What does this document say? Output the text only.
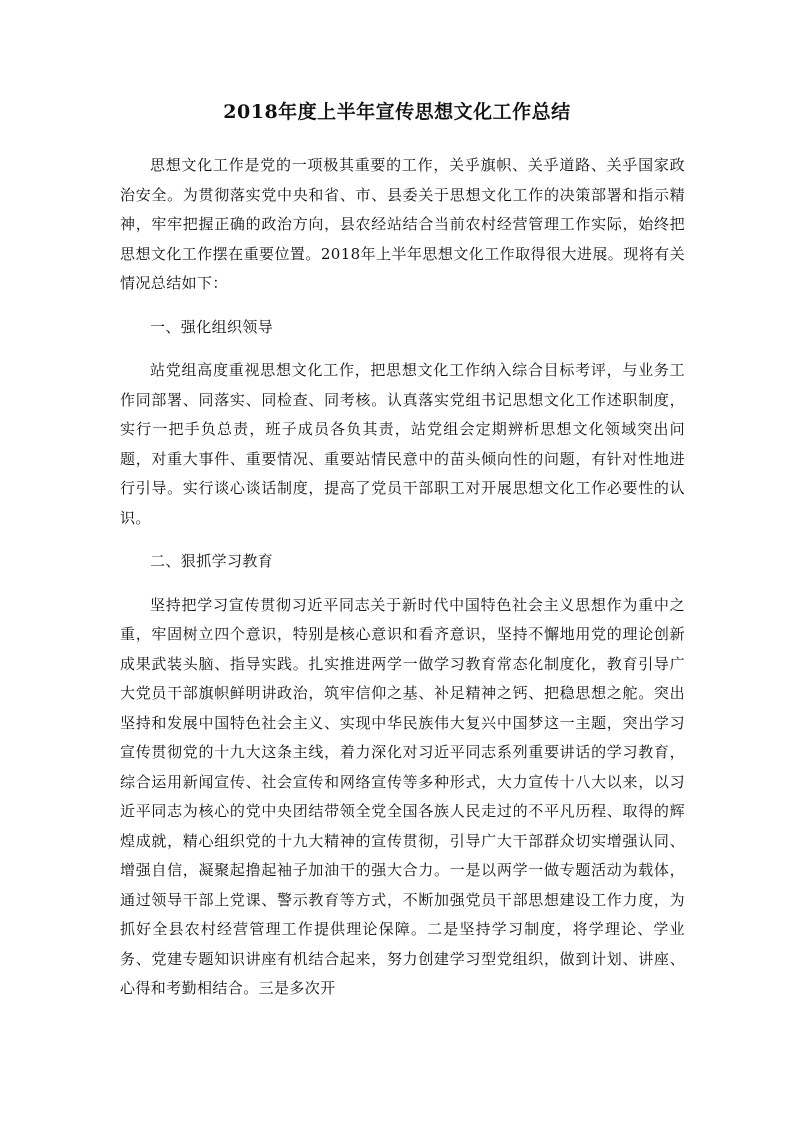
2018年度上半年宣传思想文化工作总结

思想文化工作是党的一项极其重要的工作，关乎旗帜、关乎道路、关乎国家政治安全。为贯彻落实党中央和省、市、县委关于思想文化工作的决策部署和指示精神，牢牢把握正确的政治方向，县农经站结合当前农村经营管理工作实际，始终把思想文化工作摆在重要位置。2018年上半年思想文化工作取得很大进展。现将有关情况总结如下：

一、强化组织领导

站党组高度重视思想文化工作，把思想文化工作纳入综合目标考评，与业务工作同部署、同落实、同检查、同考核。认真落实党组书记思想文化工作述职制度，实行一把手负总责，班子成员各负其责，站党组会定期辨析思想文化领域突出问题，对重大事件、重要情况、重要站情民意中的苗头倾向性的问题，有针对性地进行引导。实行谈心谈话制度，提高了党员干部职工对开展思想文化工作必要性的认识。

二、狠抓学习教育

坚持把学习宣传贯彻习近平同志关于新时代中国特色社会主义思想作为重中之重，牢固树立四个意识，特别是核心意识和看齐意识，坚持不懈地用党的理论创新成果武装头脑、指导实践。扎实推进两学一做学习教育常态化制度化，教育引导广大党员干部旗帜鲜明讲政治，筑牢信仰之基、补足精神之钙、把稳思想之舵。突出坚持和发展中国特色社会主义、实现中华民族伟大复兴中国梦这一主题，突出学习宣传贯彻党的十九大这条主线，着力深化对习近平同志系列重要讲话的学习教育，综合运用新闻宣传、社会宣传和网络宣传等多种形式，大力宣传十八大以来，以习近平同志为核心的党中央团结带领全党全国各族人民走过的不平凡历程、取得的辉煌成就，精心组织党的十九大精神的宣传贯彻，引导广大干部群众切实增强认同、增强自信，凝聚起撸起袖子加油干的强大合力。一是以两学一做专题活动为载体，通过领导干部上党课、警示教育等方式，不断加强党员干部思想建设工作力度，为抓好全县农村经营管理工作提供理论保障。二是坚持学习制度，将学理论、学业务、党建专题知识讲座有机结合起来，努力创建学习型党组织，做到计划、讲座、心得和考勤相结合。三是多次开
